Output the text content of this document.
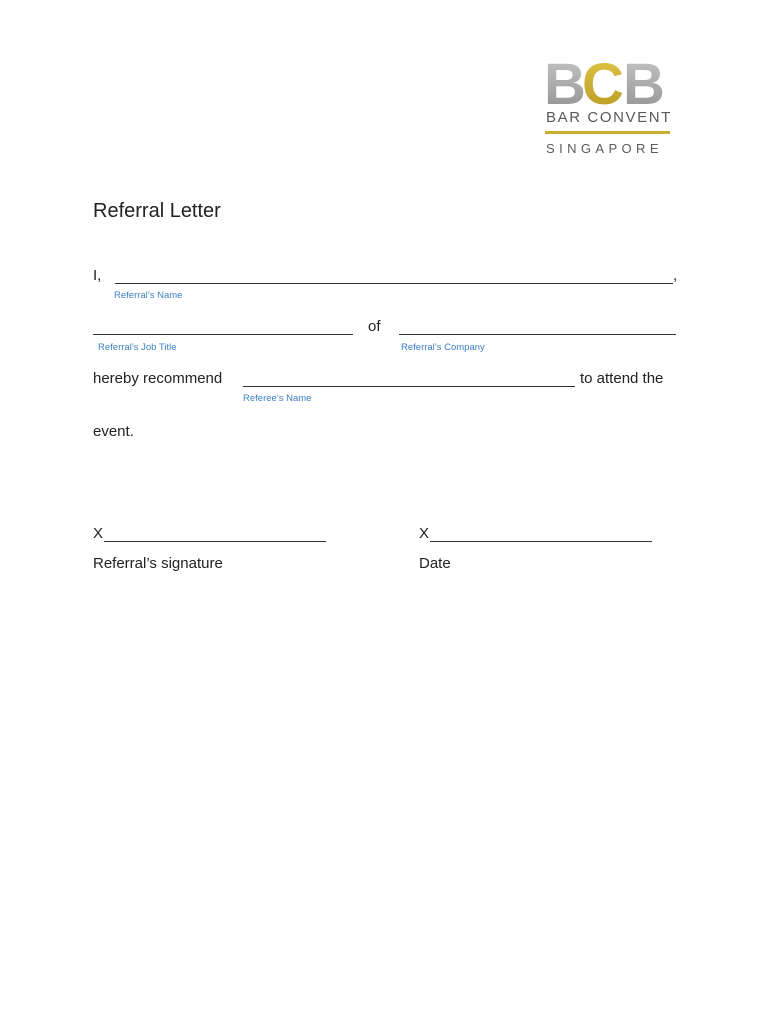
B C B
BAR CONVENT
SINGAPORE
Referral Letter
I,	,
Referral’s Name
of
Referral’s Job Title	Referral’s Company
hereby recommend	to attend the
Referee’s Name
event.
X
Referral’s signature
X
Date
